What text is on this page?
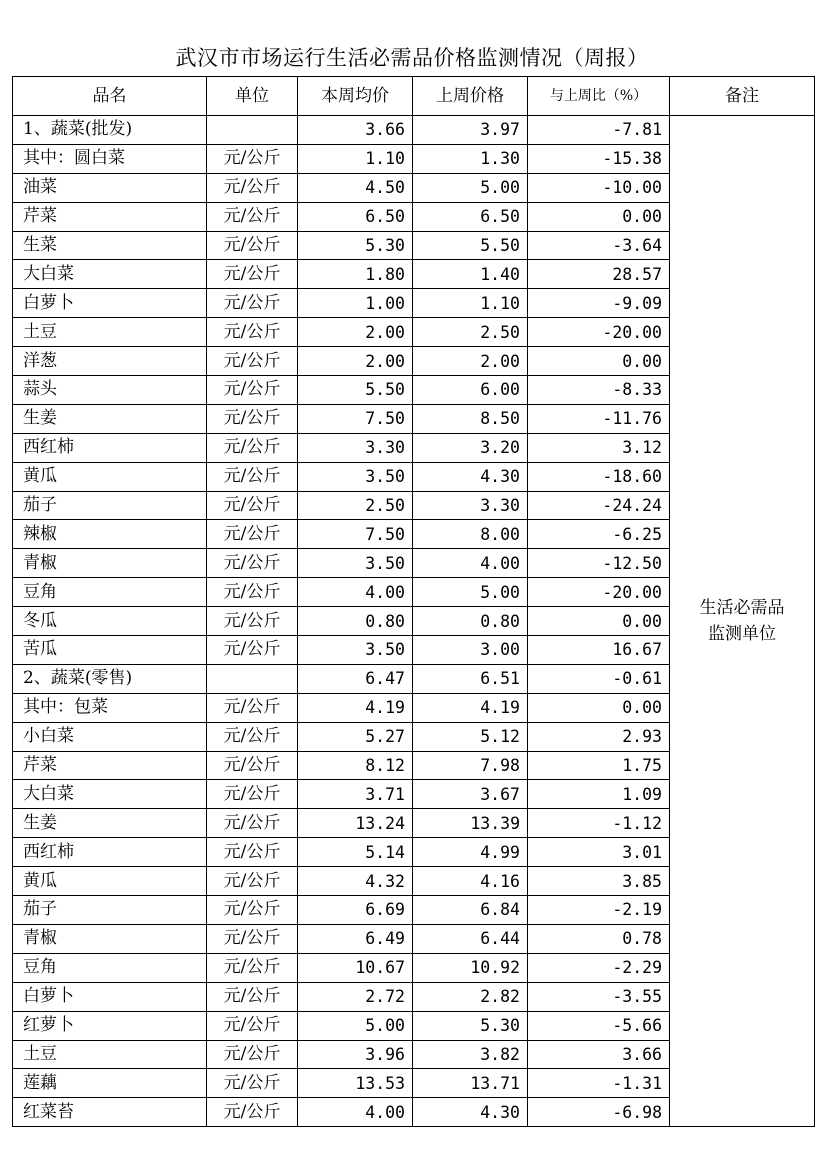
武汉市市场运行生活必需品价格监测情况（周报）
品名	单位	本周均价	上周价格	与上周比（%）	备注
1、蔬菜(批发)		3.66	3.97	-7.81	生活必需品
监测单位

其中：圆白菜	元/公斤	1.10	1.30	-15.38	
油菜	元/公斤	4.50	5.00	-10.00	
芹菜	元/公斤	6.50	6.50	0.00	
生菜	元/公斤	5.30	5.50	-3.64	
大白菜	元/公斤	1.80	1.40	28.57	
白萝卜	元/公斤	1.00	1.10	-9.09	
土豆	元/公斤	2.00	2.50	-20.00	
洋葱	元/公斤	2.00	2.00	0.00	
蒜头	元/公斤	5.50	6.00	-8.33	
生姜	元/公斤	7.50	8.50	-11.76	
西红柿	元/公斤	3.30	3.20	3.12	
黄瓜	元/公斤	3.50	4.30	-18.60	
茄子	元/公斤	2.50	3.30	-24.24	
辣椒	元/公斤	7.50	8.00	-6.25	
青椒	元/公斤	3.50	4.00	-12.50	
豆角	元/公斤	4.00	5.00	-20.00	
冬瓜	元/公斤	0.80	0.80	0.00	
苦瓜	元/公斤	3.50	3.00	16.67	
2、蔬菜(零售)		6.47	6.51	-0.61	
其中：包菜	元/公斤	4.19	4.19	0.00	
小白菜	元/公斤	5.27	5.12	2.93	
芹菜	元/公斤	8.12	7.98	1.75	
大白菜	元/公斤	3.71	3.67	1.09	
生姜	元/公斤	13.24	13.39	-1.12	
西红柿	元/公斤	5.14	4.99	3.01	
黄瓜	元/公斤	4.32	4.16	3.85	
茄子	元/公斤	6.69	6.84	-2.19	
青椒	元/公斤	6.49	6.44	0.78	
豆角	元/公斤	10.67	10.92	-2.29	
白萝卜	元/公斤	2.72	2.82	-3.55	
红萝卜	元/公斤	5.00	5.30	-5.66	
土豆	元/公斤	3.96	3.82	3.66	
莲藕	元/公斤	13.53	13.71	-1.31	
红菜苔	元/公斤	4.00	4.30	-6.98	
